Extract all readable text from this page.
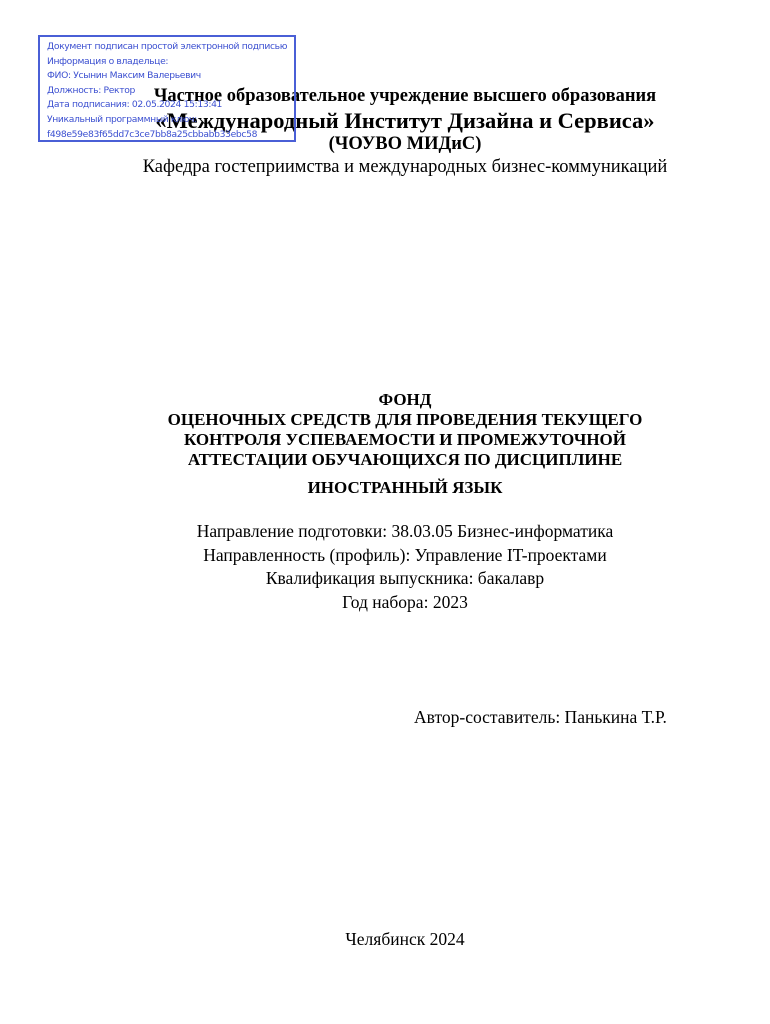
Частное образовательное учреждение высшего образования
«Международный Институт Дизайна и Сервиса»
(ЧОУВО МИДиС)
Кафедра гостеприимства и международных бизнес-коммуникаций
Документ подписан простой электронной подписью
Информация о владельце:
ФИО: Усынин Максим Валерьевич
Должность: Ректор
Дата подписания: 02.05.2024 15:13:41
Уникальный программный ключ:
f498e59e83f65dd7c3ce7bb8a25cbbabb33ebc58
ФОНД
ОЦЕНОЧНЫХ СРЕДСТВ ДЛЯ ПРОВЕДЕНИЯ ТЕКУЩЕГО
КОНТРОЛЯ УСПЕВАЕМОСТИ И ПРОМЕЖУТОЧНОЙ
АТТЕСТАЦИИ ОБУЧАЮЩИХСЯ ПО ДИСЦИПЛИНЕ
ИНОСТРАННЫЙ ЯЗЫК
Направление подготовки: 38.03.05 Бизнес-информатика
Направленность (профиль): Управление IT-проектами
Квалификация выпускника: бакалавр
Год набора: 2023
Автор-составитель: Панькина Т.Р.
Челябинск 2024
